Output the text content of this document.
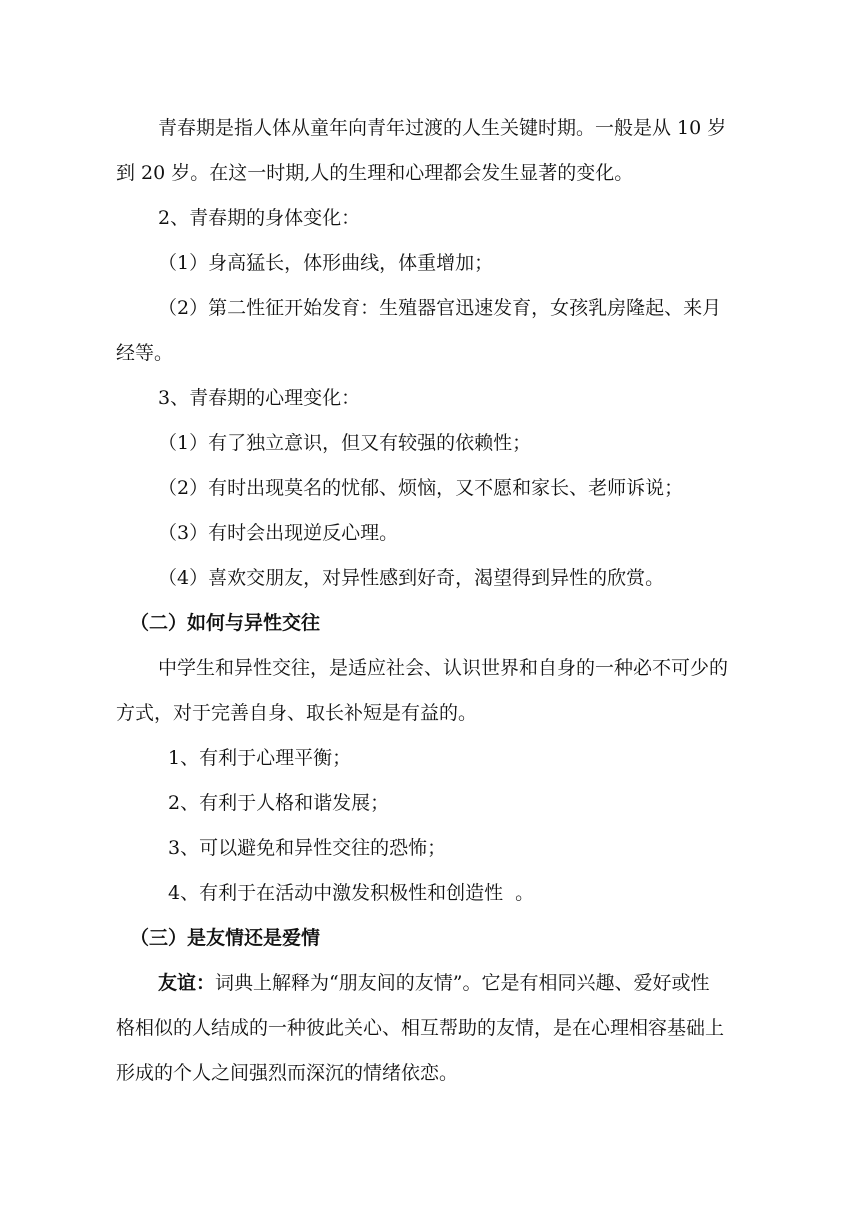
青春期是指人体从童年向青年过渡的人生关键时期。一般是从 10 岁
到 20 岁。在这一时期,人的生理和心理都会发生显著的变化。
2、青春期的身体变化：
（1）身高猛长，体形曲线，体重增加；
（2）第二性征开始发育：生殖器官迅速发育，女孩乳房隆起、来月
经等。
3、青春期的心理变化：
（1）有了独立意识，但又有较强的依赖性；
（2）有时出现莫名的忧郁、烦恼，又不愿和家长、老师诉说；
（3）有时会出现逆反心理。
（4）喜欢交朋友，对异性感到好奇，渴望得到异性的欣赏。
（二）如何与异性交往
中学生和异性交往，是适应社会、认识世界和自身的一种必不可少的
方式，对于完善自身、取长补短是有益的。
1、有利于心理平衡；
2、有利于人格和谐发展；
3、可以避免和异性交往的恐怖；
4、有利于在活动中激发积极性和创造性  。
（三）是友情还是爱情
友谊：词典上解释为“朋友间的友情”。它是有相同兴趣、爱好或性
格相似的人结成的一种彼此关心、相互帮助的友情，是在心理相容基础上
形成的个人之间强烈而深沉的情绪依恋。
